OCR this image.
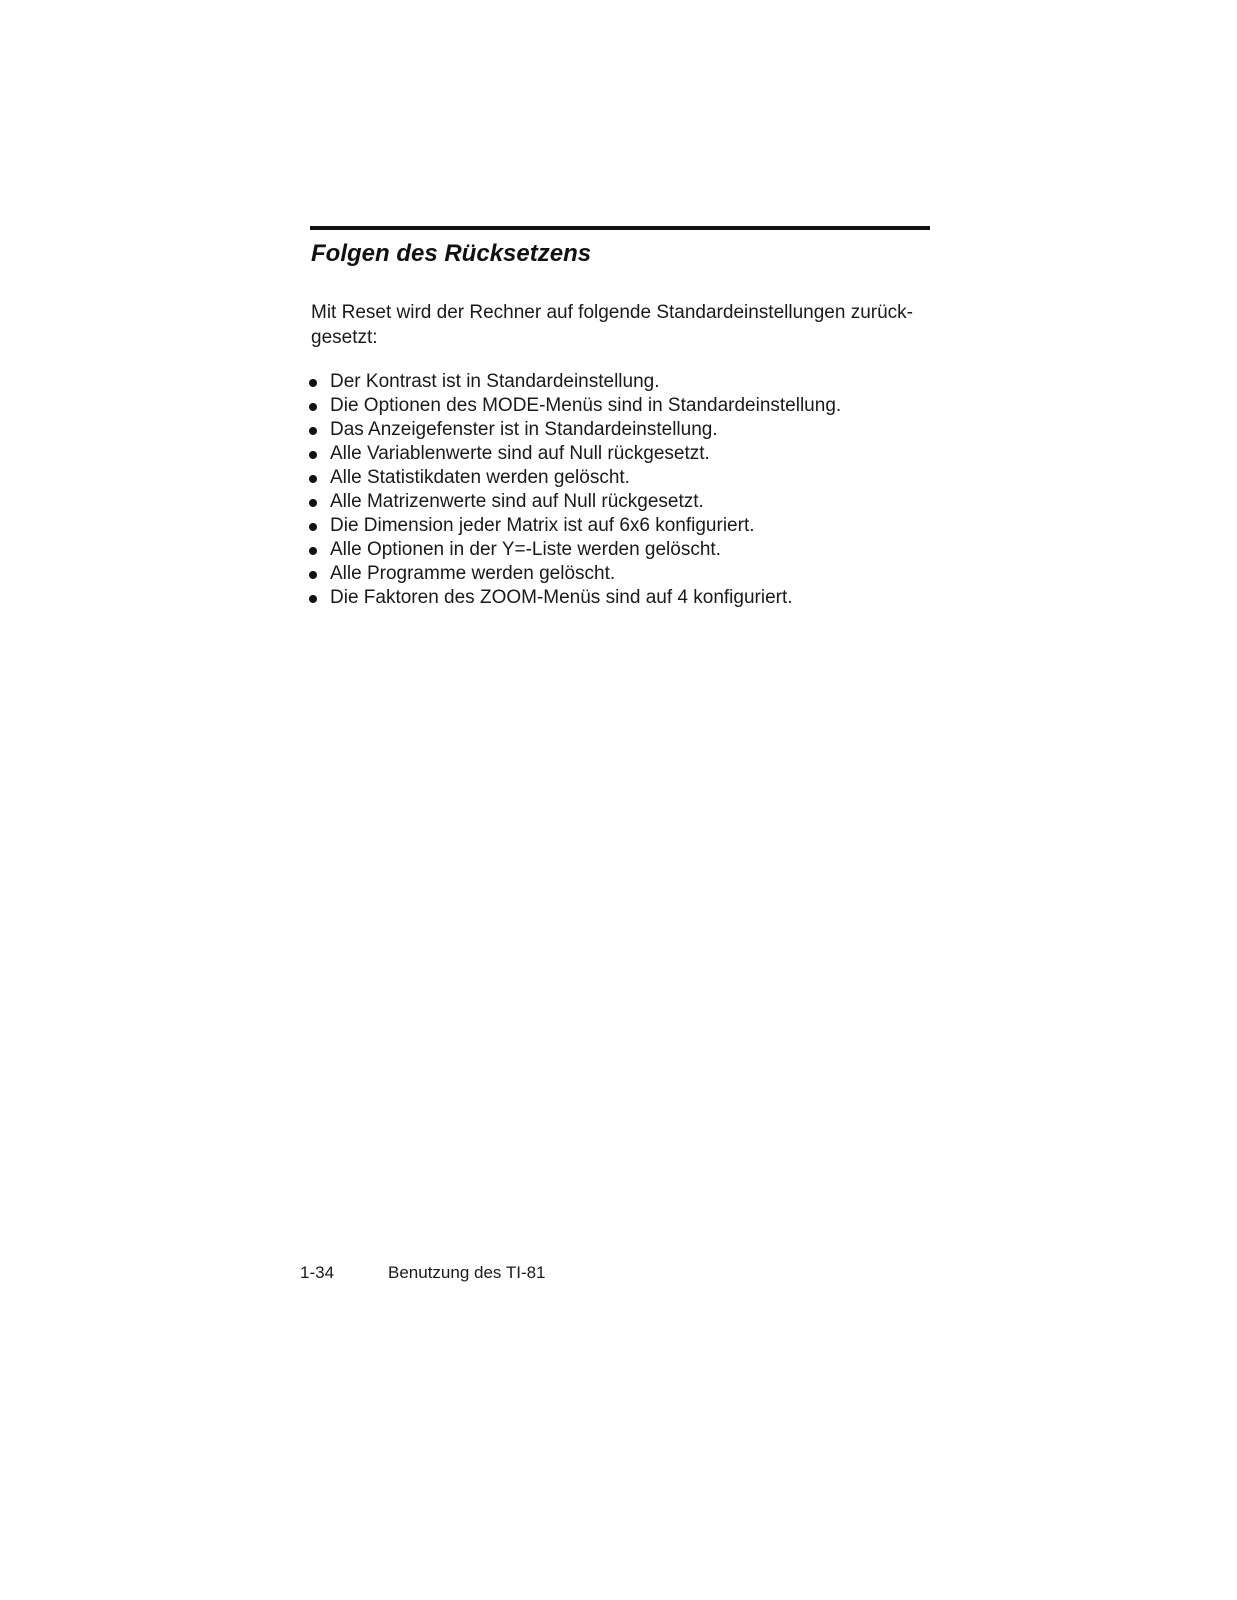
Folgen des Rücksetzens

Mit Reset wird der Rechner auf folgende Standardeinstellungen zurück-
gesetzt:

Der Kontrast ist in Standardeinstellung.
Die Optionen des MODE-Menüs sind in Standardeinstellung.
Das Anzeigefenster ist in Standardeinstellung.
Alle Variablenwerte sind auf Null rückgesetzt.
Alle Statistikdaten werden gelöscht.
Alle Matrizenwerte sind auf Null rückgesetzt.
Die Dimension jeder Matrix ist auf 6x6 konfiguriert.
Alle Optionen in der Y=-Liste werden gelöscht.
Alle Programme werden gelöscht.
Die Faktoren des ZOOM-Menüs sind auf 4 konfiguriert.
1-34	Benutzung des TI-81
